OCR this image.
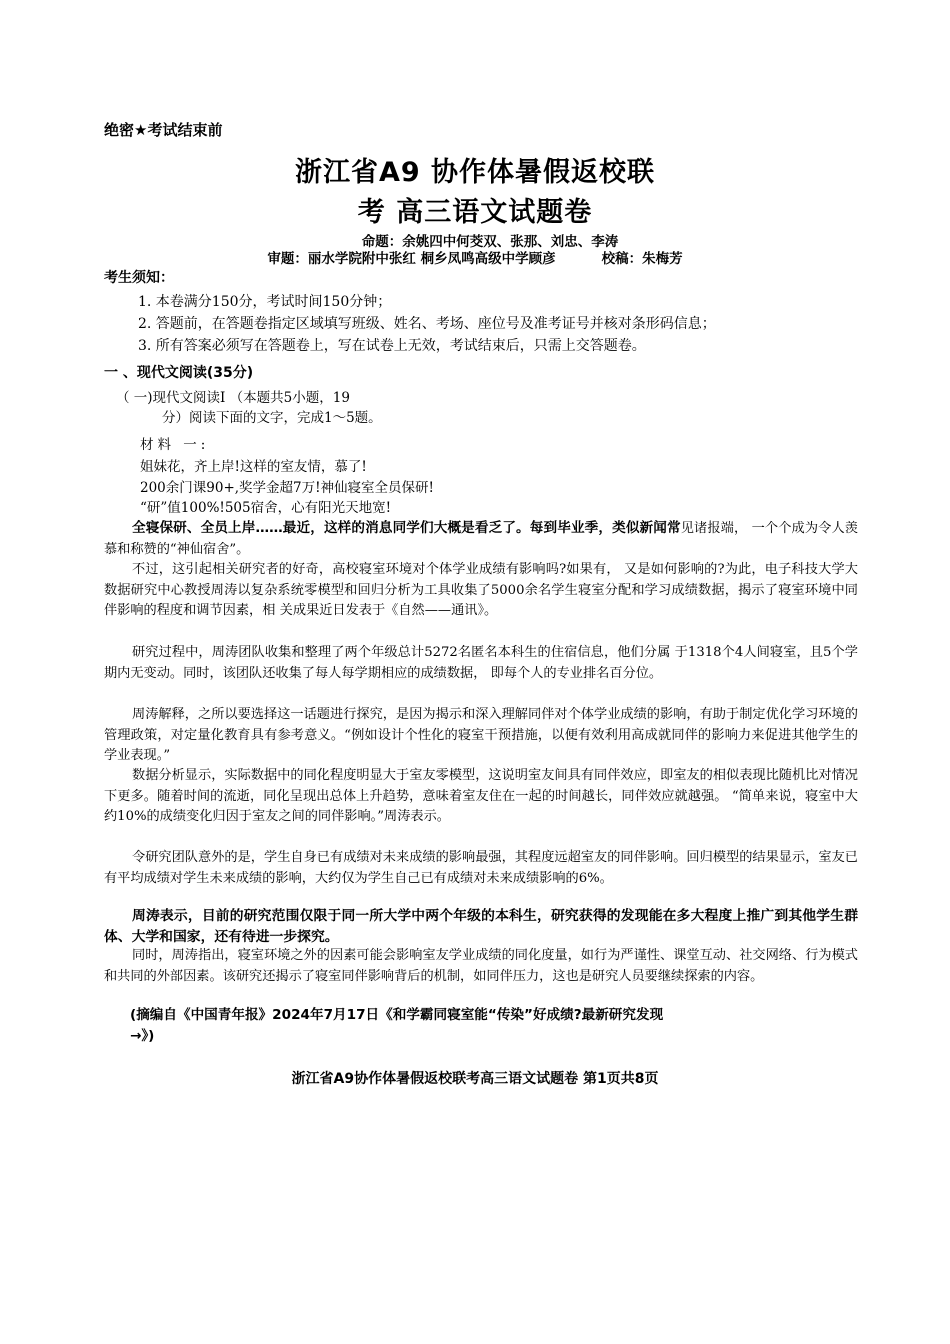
绝密★考试结束前
浙江省A9 协作体暑假返校联
考 高三语文试题卷
命题：余姚四中何茭双、张那、刘忠、李涛
审题：丽水学院附中张红 桐乡凤鸣高级中学顾彦	校稿：朱梅芳
考生须知：
1. 本卷满分150分，考试时间150分钟；
2. 答题前，在答题卷指定区域填写班级、姓名、考场、座位号及准考证号并核对条形码信息；
3. 所有答案必须写在答题卷上，写在试卷上无效，考试结束后，只需上交答题卷。
一 、现代文阅读(35分)
（ 一)现代文阅读I （本题共5小题，19
分）阅读下面的文字，完成1～5题。
材料 一:
姐妹花，齐上岸!这样的室友情，慕了!
200余门课90+,奖学金超7万!神仙寝室全员保研!
“研”值100%!505宿舍，心有阳光天地宽!

全寝保研、全员上岸……最近，这样的消息同学们大概是看乏了。每到毕业季，类似新闻常见诸报端， 一个个成为令人羡慕和称赞的“神仙宿舍”。

不过，这引起相关研究者的好奇，高校寝室环境对个体学业成绩有影响吗?如果有， 又是如何影响的?为此，电子科技大学大数据研究中心教授周涛以复杂系统零模型和回归分析为工具收集了5000余名学生寝室分配和学习成绩数据，揭示了寝室环境中同伴影响的程度和调节因素，相 关成果近日发表于《自然——通讯》。

研究过程中，周涛团队收集和整理了两个年级总计5272名匿名本科生的住宿信息，他们分属 于1318个4人间寝室，且5个学期内无变动。同时，该团队还收集了每人每学期相应的成绩数据， 即每个人的专业排名百分位。

周涛解释，之所以要选择这一话题进行探究，是因为揭示和深入理解同伴对个体学业成绩的影响，有助于制定优化学习环境的管理政策，对定量化教育具有参考意义。“例如设计个性化的寝室干预措施，以便有效利用高成就同伴的影响力来促进其他学生的学业表现。”

数据分析显示，实际数据中的同化程度明显大于室友零模型，这说明室友间具有同伴效应，即室友的相似表现比随机比对情况下更多。随着时间的流逝，同化呈现出总体上升趋势，意味着室友住在一起的时间越长，同伴效应就越强。 “简单来说，寝室中大约10%的成绩变化归因于室友之间的同伴影响。”周涛表示。

令研究团队意外的是，学生自身已有成绩对未来成绩的影响最强，其程度远超室友的同伴影响。回归模型的结果显示，室友已有平均成绩对学生未来成绩的影响，大约仅为学生自己已有成绩对未来成绩影响的6%。

周涛表示，目前的研究范围仅限于同一所大学中两个年级的本科生，研究获得的发现能在多大程度上推广到其他学生群体、大学和国家，还有待进一步探究。

同时，周涛指出，寝室环境之外的因素可能会影响室友学业成绩的同化度量，如行为严谨性、课堂互动、社交网络、行为模式和共同的外部因素。该研究还揭示了寝室同伴影响背后的机制，如同伴压力，这也是研究人员要继续探索的内容。

(摘编自《中国青年报》2024年7月17日《和学霸同寝室能“传染”好成绩?最新研究发现
→》)
浙江省A9协作体暑假返校联考高三语文试题卷 第1页共8页
